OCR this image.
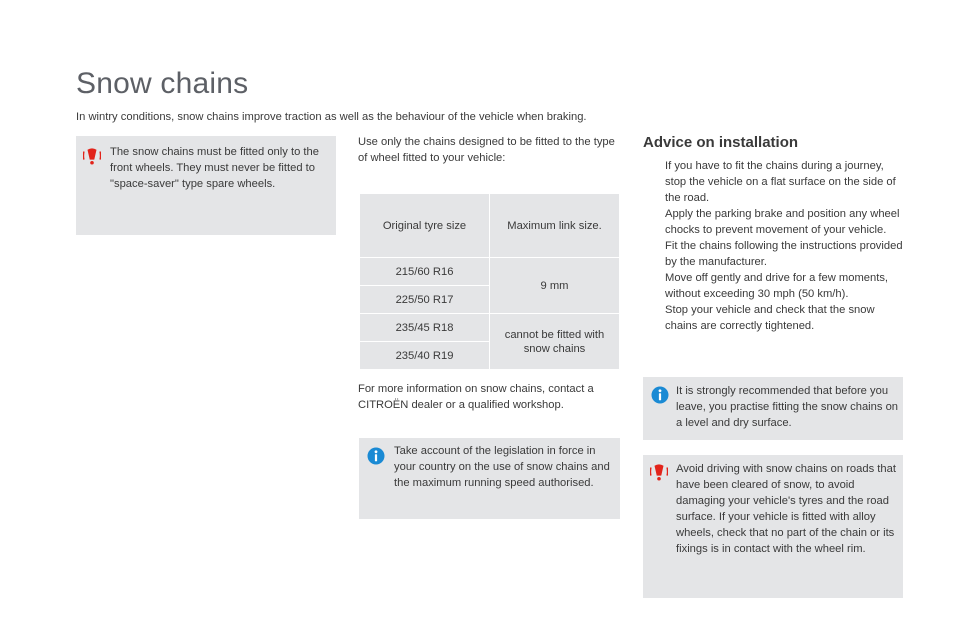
Snow chains
In wintry conditions, snow chains improve traction as well as the behaviour of the vehicle when braking.
The snow chains must be fitted only to the front wheels. They must never be fitted to "space-saver" type spare wheels.
Use only the chains designed to be fitted to the type of wheel fitted to your vehicle:
Original tyre size	Maximum link size.
215/60 R16	9 mm
225/50 R17	
235/45 R18	cannot be fitted with snow chains
235/40 R19	
For more information on snow chains, contact a CITROËN dealer or a qualified workshop.
Take account of the legislation in force in your country on the use of snow chains and the maximum running speed authorised.
Advice on installation
If you have to fit the chains during a journey, stop the vehicle on a flat surface on the side of the road.
Apply the parking brake and position any wheel chocks to prevent movement of your vehicle.
Fit the chains following the instructions provided by the manufacturer.
Move off gently and drive for a few moments, without exceeding 30 mph (50 km/h).
Stop your vehicle and check that the snow chains are correctly tightened.
It is strongly recommended that before you leave, you practise fitting the snow chains on a level and dry surface.
Avoid driving with snow chains on roads that have been cleared of snow, to avoid damaging your vehicle's tyres and the road surface. If your vehicle is fitted with alloy wheels, check that no part of the chain or its fixings is in contact with the wheel rim.
